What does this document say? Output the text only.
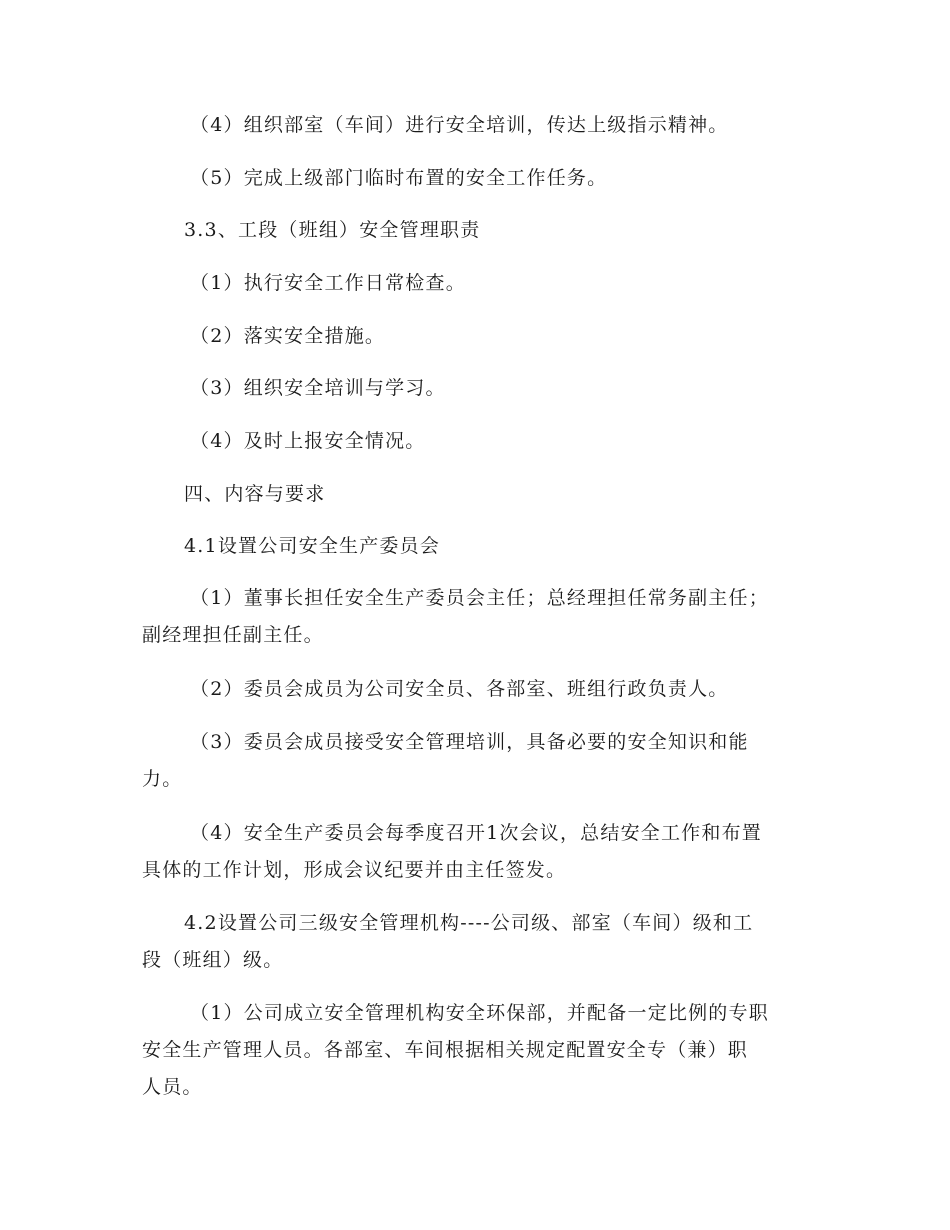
（4）组织部室（车间）进行安全培训，传达上级指示精神。
（5）完成上级部门临时布置的安全工作任务。
3.3、工段（班组）安全管理职责
（1）执行安全工作日常检查。
（2）落实安全措施。
（3）组织安全培训与学习。
（4）及时上报安全情况。
四、内容与要求
4.1设置公司安全生产委员会
（1）董事长担任安全生产委员会主任；总经理担任常务副主任；
副经理担任副主任。
（2）委员会成员为公司安全员、各部室、班组行政负责人。
（3）委员会成员接受安全管理培训，具备必要的安全知识和能
力。
（4）安全生产委员会每季度召开1次会议，总结安全工作和布置
具体的工作计划，形成会议纪要并由主任签发。
4.2设置公司三级安全管理机构----公司级、部室（车间）级和工
段（班组）级。
（1）公司成立安全管理机构安全环保部，并配备一定比例的专职
安全生产管理人员。各部室、车间根据相关规定配置安全专（兼）职
人员。
